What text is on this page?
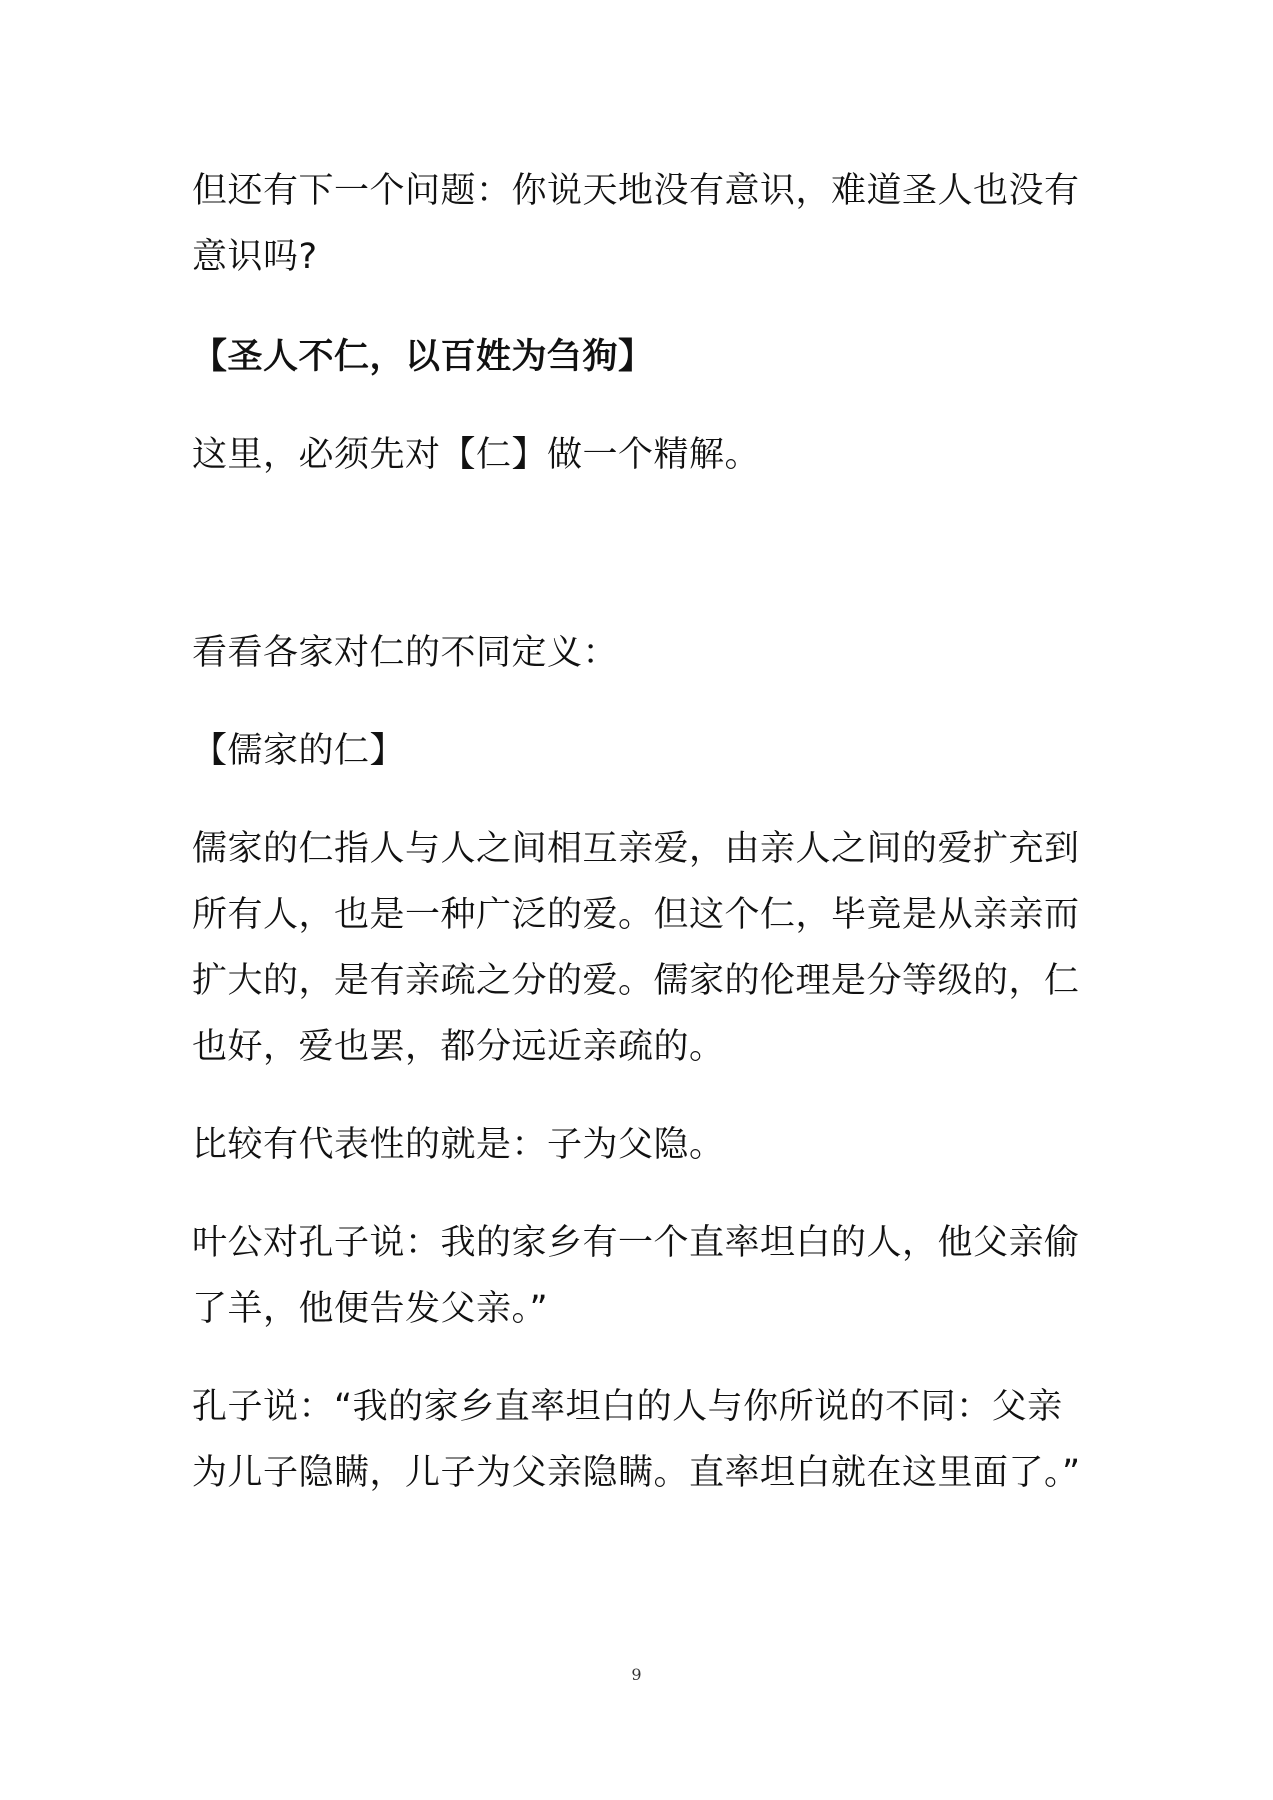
但还有下一个问题：你说天地没有意识，难道圣人也没有意识吗?

【圣人不仁，以百姓为刍狗】

这里，必须先对【仁】做一个精解。

看看各家对仁的不同定义：

【儒家的仁】

儒家的仁指人与人之间相互亲爱，由亲人之间的爱扩充到所有人，也是一种广泛的爱。但这个仁，毕竟是从亲亲而扩大的，是有亲疏之分的爱。儒家的伦理是分等级的，仁也好，爱也罢，都分远近亲疏的。

比较有代表性的就是：子为父隐。

叶公对孔子说：我的家乡有一个直率坦白的人，他父亲偷了羊，他便告发父亲。”

孔子说：“我的家乡直率坦白的人与你所说的不同：父亲为儿子隐瞒，儿子为父亲隐瞒。直率坦白就在这里面了。”

9
